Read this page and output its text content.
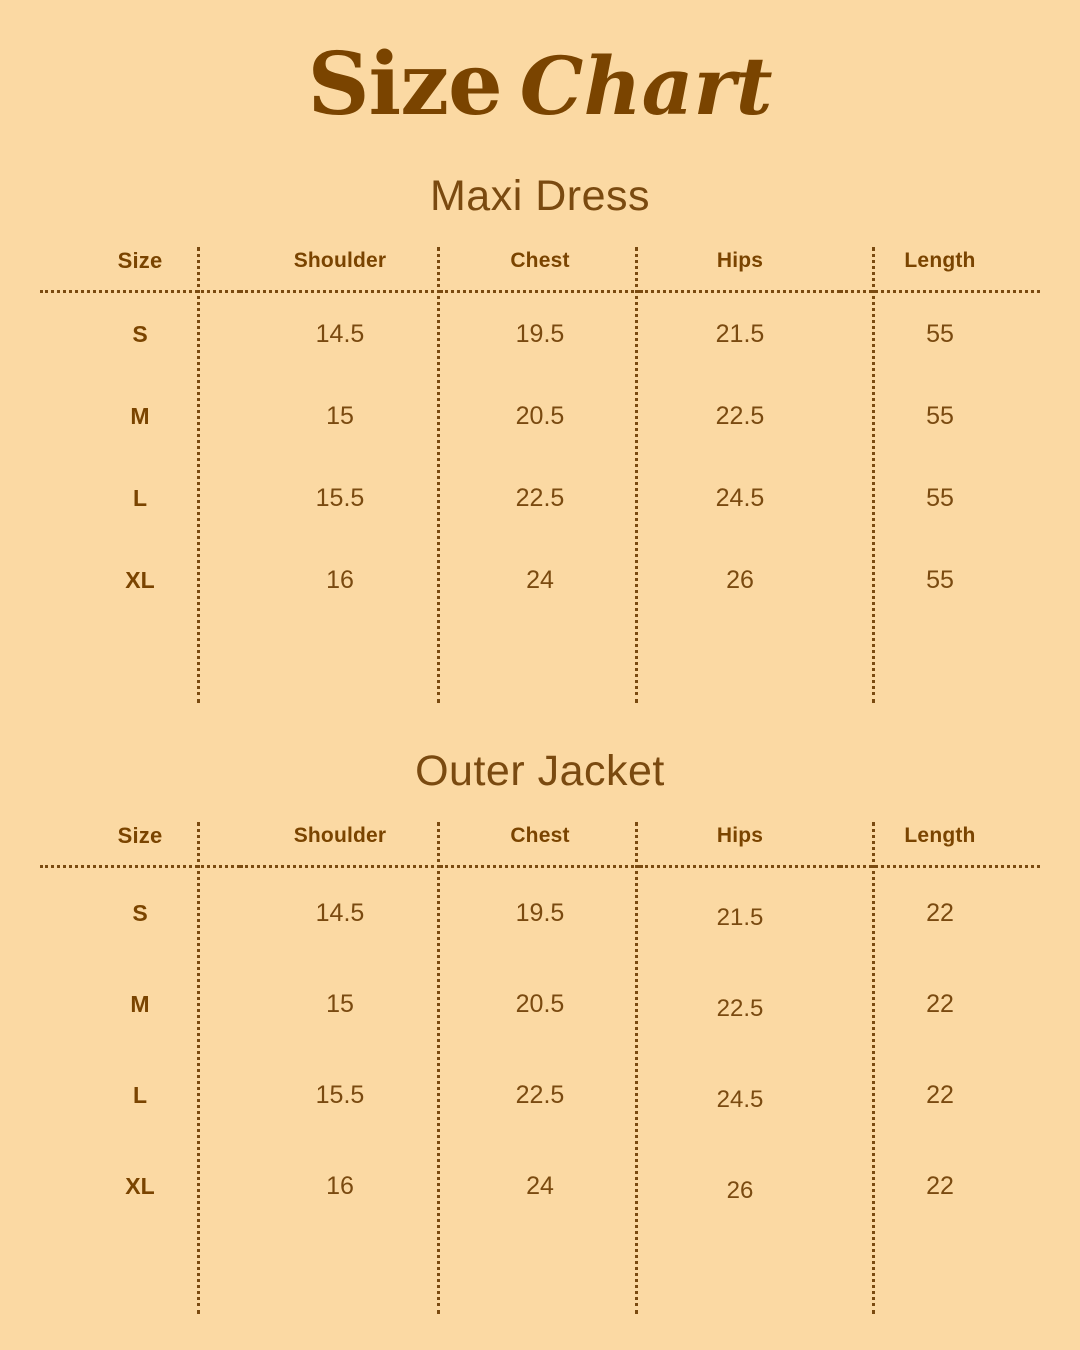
Size Chart
Maxi Dress
Size	Shoulder	Chest	Hips	Length
S	14.5	19.5	21.5	55
M	15	20.5	22.5	55
L	15.5	22.5	24.5	55
XL	16	24	26	55

Outer Jacket
Size	Shoulder	Chest	Hips	Length
S	14.5	19.5	21.5	22
M	15	20.5	22.5	22
L	15.5	22.5	24.5	22
XL	16	24	26	22
